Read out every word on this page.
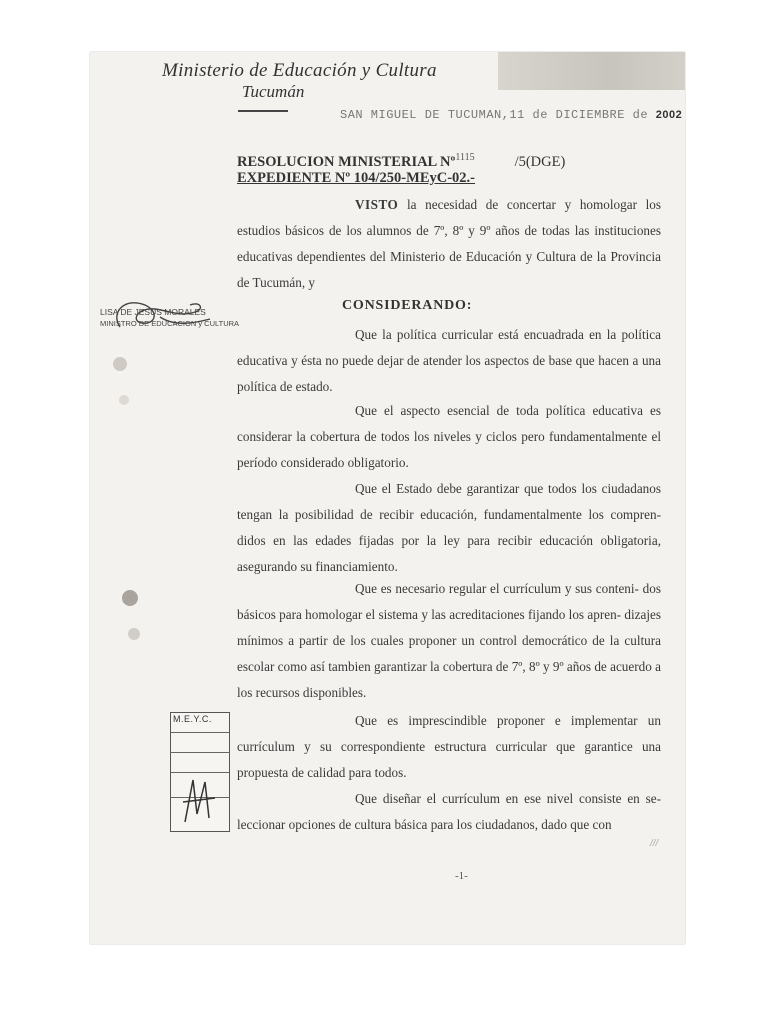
Ministerio de Educación y Cultura
Tucumán
SAN MIGUEL DE TUCUMAN,11 de DICIEMBRE de 2002
RESOLUCION MINISTERIAL Nº$^{1115}$	/5(DGE)
EXPEDIENTE Nº 104/250-MEyC-02.-
VISTO la necesidad de concertar y homologar los estudios básicos de los alumnos de 7º, 8º y 9º años de todas las instituciones educativas dependientes del Ministerio de Educación y Cultura de la Provincia de Tucumán, y
CONSIDERANDO:
Que la política curricular está encuadrada en la política educativa y ésta no puede dejar de atender los aspectos de base que hacen a una política de estado.
Que el aspecto esencial de toda política educativa es considerar la cobertura de todos los niveles y ciclos pero fundamentalmente el período considerado obligatorio.
Que el Estado debe garantizar que todos los ciudadanos tengan la posibilidad de recibir educación, fundamentalmente los compren- didos en las edades fijadas por la ley para recibir educación obligatoria, asegurando su financiamiento.
Que es necesario regular el currículum y sus conteni- dos básicos para homologar el sistema y las acreditaciones fijando los apren- dizajes mínimos a partir de los cuales proponer un control democrático de la cultura escolar como así tambien garantizar la cobertura de 7º, 8º y 9º años de acuerdo a los recursos disponibles.
Que es imprescindible proponer e implementar un currículum y su correspondiente estructura curricular que garantice una propuesta de calidad para todos.
Que diseñar el currículum en ese nivel consiste en se- leccionar opciones de cultura básica para los ciudadanos, dado que con
LISA DE JESUS MORALES
MINISTRO DE EDUCACION y CULTURA
M.E.Y.C.
-1-
///
